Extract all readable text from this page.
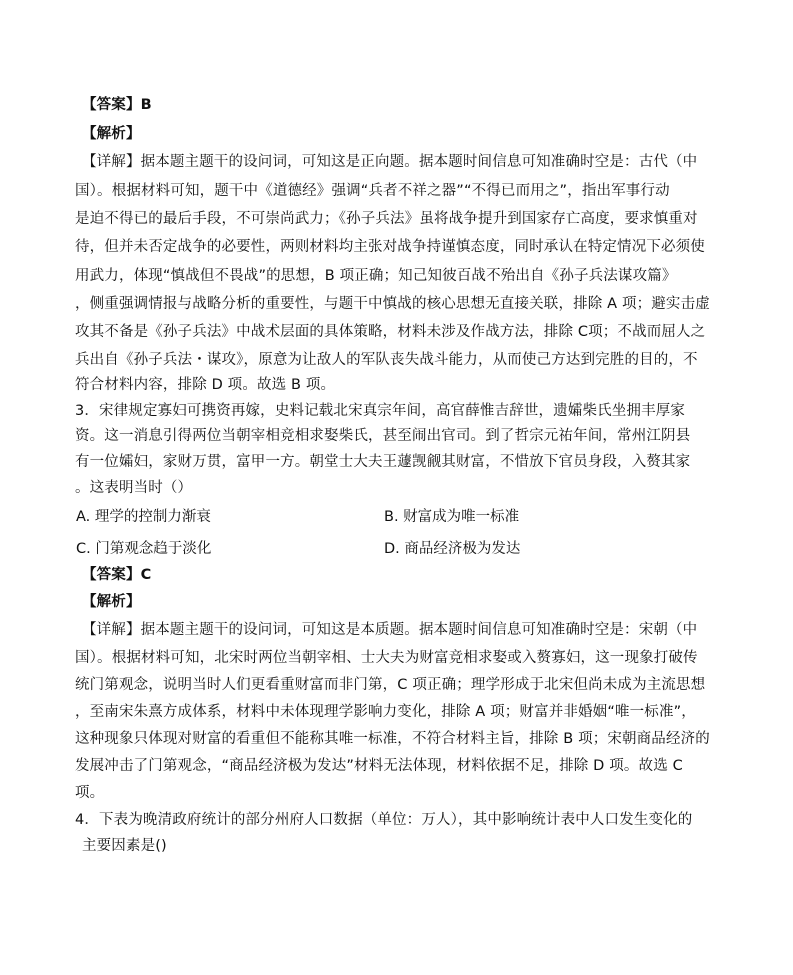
【答案】B
【解析】
【详解】据本题主题干的设问词，可知这是正向题。据本题时间信息可知准确时空是：古代（中
国）。根据材料可知，题干中《道德经》强调“兵者不祥之器”“不得已而用之”，指出军事行动
是迫不得已的最后手段，不可崇尚武力；《孙子兵法》虽将战争提升到国家存亡高度，要求慎重对
待，但并未否定战争的必要性，两则材料均主张对战争持谨慎态度，同时承认在特定情况下必须使
用武力，体现“慎战但不畏战”的思想，B 项正确；知己知彼百战不殆出自《孙子兵法谋攻篇》
，侧重强调情报与战略分析的重要性，与题干中慎战的核心思想无直接关联，排除 A 项；避实击虚
攻其不备是《孙子兵法》中战术层面的具体策略，材料未涉及作战方法，排除 C项；不战而屈人之
兵出自《孙子兵法・谋攻》，原意为让敌人的军队丧失战斗能力，从而使己方达到完胜的目的，不
符合材料内容，排除 D 项。故选 B 项。
3．宋律规定寡妇可携资再嫁，史料记载北宋真宗年间，高官薛惟吉辞世，遗孀柴氏坐拥丰厚家
资。这一消息引得两位当朝宰相竞相求娶柴氏，甚至闹出官司。到了哲宗元祐年间，常州江阴县
有一位孀妇，家财万贯，富甲一方。朝堂士大夫王蘧觊觎其财富，不惜放下官员身段，入赘其家
。这表明当时（）
A. 理学的控制力渐衰	B. 财富成为唯一标准
C. 门第观念趋于淡化	D. 商品经济极为发达
【答案】C
【解析】
【详解】据本题主题干的设问词，可知这是本质题。据本题时间信息可知准确时空是：宋朝（中
国）。根据材料可知，北宋时两位当朝宰相、士大夫为财富竞相求娶或入赘寡妇，这一现象打破传
统门第观念，说明当时人们更看重财富而非门第，C 项正确；理学形成于北宋但尚未成为主流思想
，至南宋朱熹方成体系，材料中未体现理学影响力变化，排除 A 项；财富并非婚姻“唯一标准”，
这种现象只体现对财富的看重但不能称其唯一标准，不符合材料主旨，排除 B 项；宋朝商品经济的
发展冲击了门第观念，“商品经济极为发达”材料无法体现，材料依据不足，排除 D 项。故选 C
项。
4．下表为晚清政府统计的部分州府人口数据（单位：万人），其中影响统计表中人口发生变化的
主要因素是()
